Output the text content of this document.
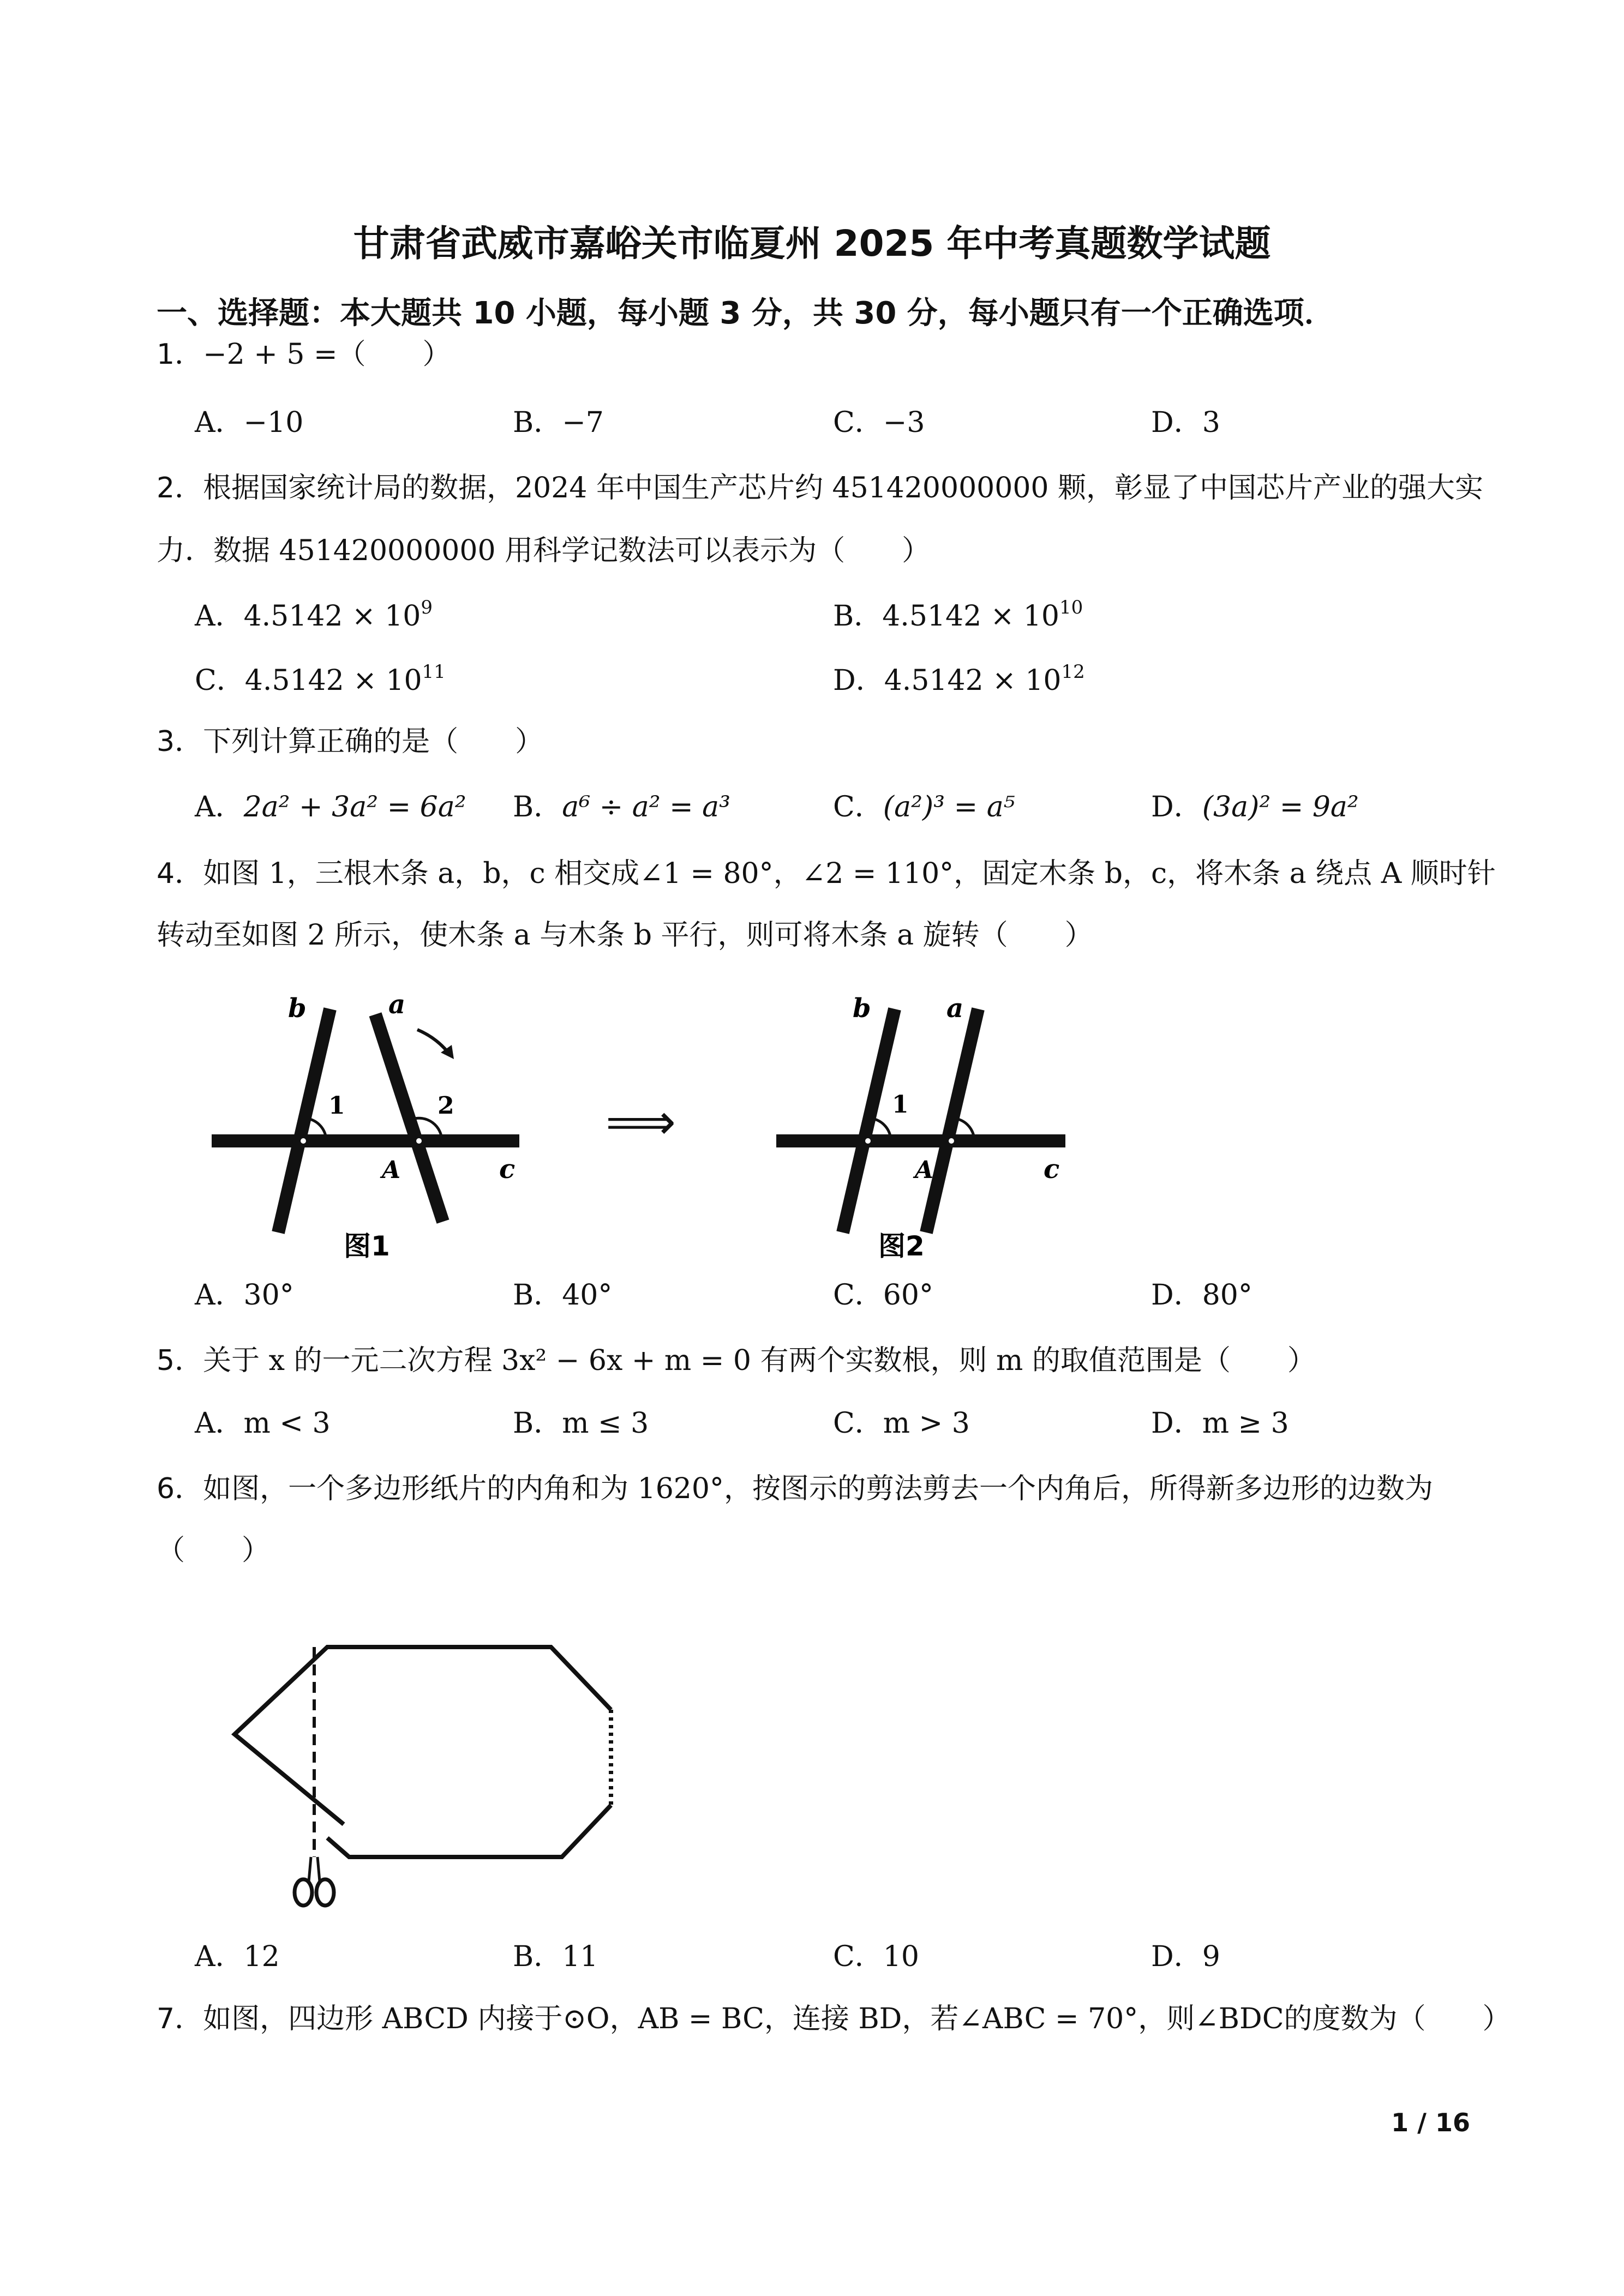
甘肃省武威市嘉峪关市临夏州 2025 年中考真题数学试题
一、选择题：本大题共 10 小题，每小题 3 分，共 30 分，每小题只有一个正确选项．
1．−2 + 5 =（　　）
A．−10	B．−7	C．−3	D．3
2．根据国家统计局的数据，2024 年中国生产芯片约 451420000000 颗，彰显了中国芯片产业的强大实
力．数据 451420000000 用科学记数法可以表示为（　　）
A．$4.5142 \times 10^9$	B．$4.5142 \times 10^{10}$
C．$4.5142 \times 10^{11}$	D．$4.5142 \times 10^{12}$
3．下列计算正确的是（　　）
A．2a² + 3a² = 6a² B．a⁶ ÷ a² = a³	C．(a²)³ = a⁵	D．(3a)² = 9a²
4．如图 1，三根木条 a，b，c 相交成∠1 = 80°，∠2 = 110°，固定木条 b，c，将木条 a 绕点 A 顺时针
转动至如图 2 所示，使木条 a 与木条 b 平行，则可将木条 a 旋转（　　）
b	a
1	2
A	c
图1
⟹
b	a
1
A	c
图2
A．30°	B．40°	C．60°	D．80°
5．关于 x 的一元二次方程 3x² − 6x + m = 0 有两个实数根，则 m 的取值范围是（　　）
A．m < 3	B．m ≤ 3	C．m > 3	D．m ≥ 3
6．如图，一个多边形纸片的内角和为 1620°，按图示的剪法剪去一个内角后，所得新多边形的边数为
（　　）
A．12	B．11	C．10	D．9
7．如图，四边形 ABCD 内接于⊙O，AB = BC，连接 BD，若∠ABC = 70°，则∠BDC的度数为（　　）
1 / 16
